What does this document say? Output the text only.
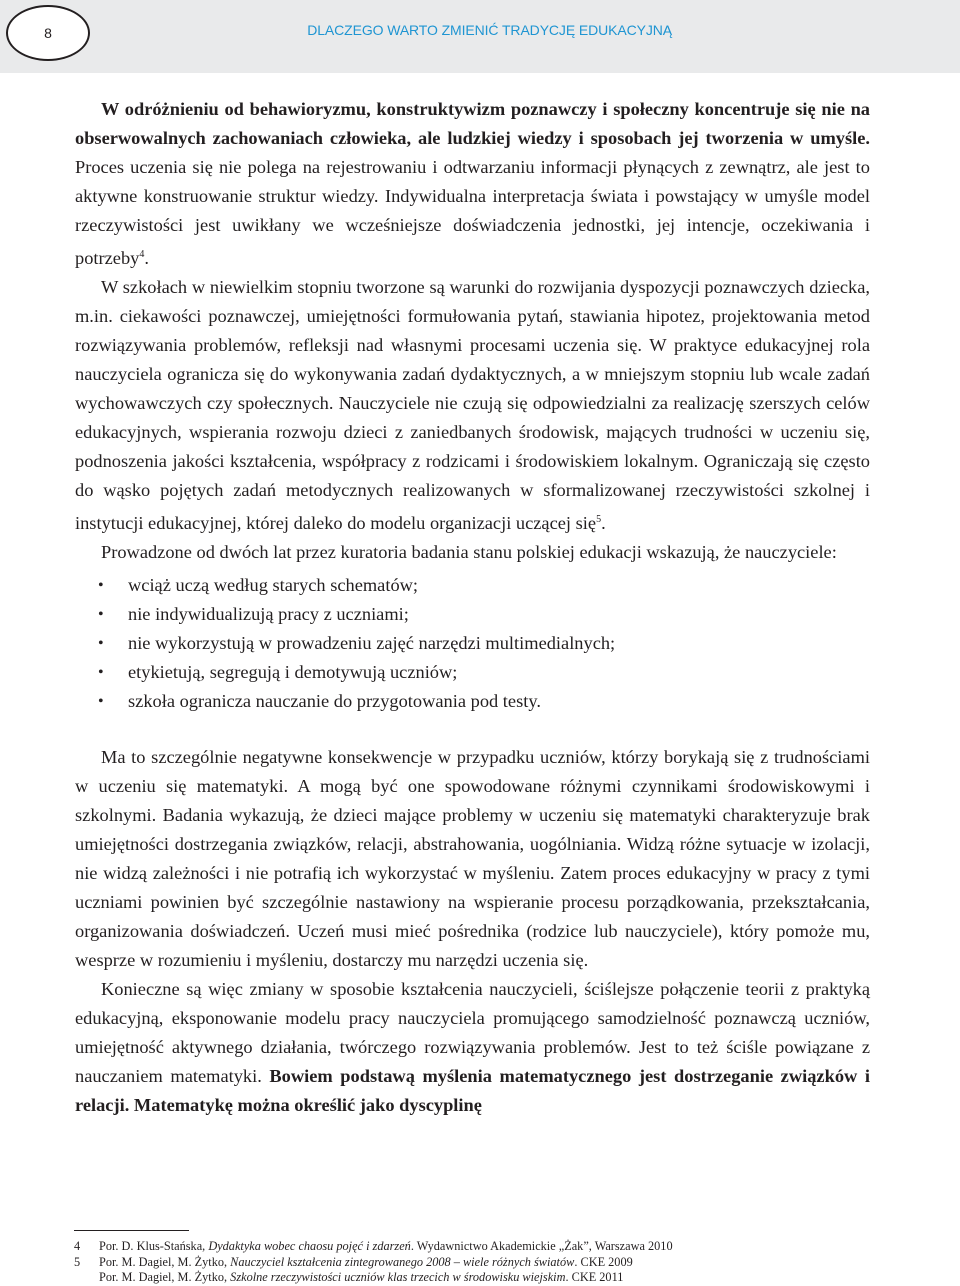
8	DLACZEGO WARTO ZMIENIĆ TRADYCJĘ EDUKACYJNĄ

W odróżnieniu od behawioryzmu, konstruktywizm poznawczy i społeczny koncentruje się nie na obserwowalnych zachowaniach człowieka, ale ludzkiej wiedzy i sposobach jej tworzenia w umyśle. Proces uczenia się nie polega na rejestrowaniu i odtwarzaniu informacji płynących z zewnątrz, ale jest to aktywne konstruowanie struktur wiedzy. Indywidualna interpretacja świata i powstający w umyśle model rzeczywistości jest uwikłany we wcześniejsze doświadczenia jednostki, jej intencje, oczekiwania i potrzeby$^4$.

W szkołach w niewielkim stopniu tworzone są warunki do rozwijania dyspozycji poznawczych dziecka, m.in. ciekawości poznawczej, umiejętności formułowania pytań, stawiania hipotez, projektowania metod rozwiązywania problemów, refleksji nad własnymi procesami uczenia się. W praktyce edukacyjnej rola nauczyciela ogranicza się do wykonywania zadań dydaktycznych, a w mniejszym stopniu lub wcale zadań wychowawczych czy społecznych. Nauczyciele nie czują się odpowiedzialni za realizację szerszych celów edukacyjnych, wspierania rozwoju dzieci z zaniedbanych środowisk, mających trudności w uczeniu się, podnoszenia jakości kształcenia, współpracy z rodzicami i środowiskiem lokalnym. Ograniczają się często do wąsko pojętych zadań metodycznych realizowanych w sformalizowanej rzeczywistości szkolnej i instytucji edukacyjnej, której daleko do modelu organizacji uczącej się$^5$.

Prowadzone od dwóch lat przez kuratoria badania stanu polskiej edukacji wskazują, że nauczyciele:

• wciąż uczą według starych schematów;
• nie indywidualizują pracy z uczniami;
• nie wykorzystują w prowadzeniu zajęć narzędzi multimedialnych;
• etykietują, segregują i demotywują uczniów;
• szkoła ogranicza nauczanie do przygotowania pod testy.

Ma to szczególnie negatywne konsekwencje w przypadku uczniów, którzy borykają się z trudnościami w uczeniu się matematyki. A mogą być one spowodowane różnymi czynnikami środowiskowymi i szkolnymi. Badania wykazują, że dzieci mające problemy w uczeniu się matematyki charakteryzuje brak umiejętności dostrzegania związków, relacji, abstrahowania, uogólniania. Widzą różne sytuacje w izolacji, nie widzą zależności i nie potrafią ich wykorzystać w myśleniu. Zatem proces edukacyjny w pracy z tymi uczniami powinien być szczególnie nastawiony na wspieranie procesu porządkowania, przekształcania, organizowania doświadczeń. Uczeń musi mieć pośrednika (rodzice lub nauczyciele), który pomoże mu, wesprze w rozumieniu i myśleniu, dostarczy mu narzędzi uczenia się.

Konieczne są więc zmiany w sposobie kształcenia nauczycieli, ściślejsze połączenie teorii z praktyką edukacyjną, eksponowanie modelu pracy nauczyciela promującego samodzielność poznawczą uczniów, umiejętność aktywnego działania, twórczego rozwiązywania problemów. Jest to też ściśle powiązane z nauczaniem matematyki. Bowiem podstawą myślenia matematycznego jest dostrzeganie związków i relacji. Matematykę można określić jako dyscyplinę

4	Por. D. Klus-Stańska, Dydaktyka wobec chaosu pojęć i zdarzeń. Wydawnictwo Akademickie „Żak”, Warszawa 2010
5	Por. M. Dagiel, M. Żytko, Nauczyciel kształcenia zintegrowanego 2008 – wiele różnych światów. CKE 2009
Por. M. Dagiel, M. Żytko, Szkolne rzeczywistości uczniów klas trzecich w środowisku wiejskim. CKE 2011
